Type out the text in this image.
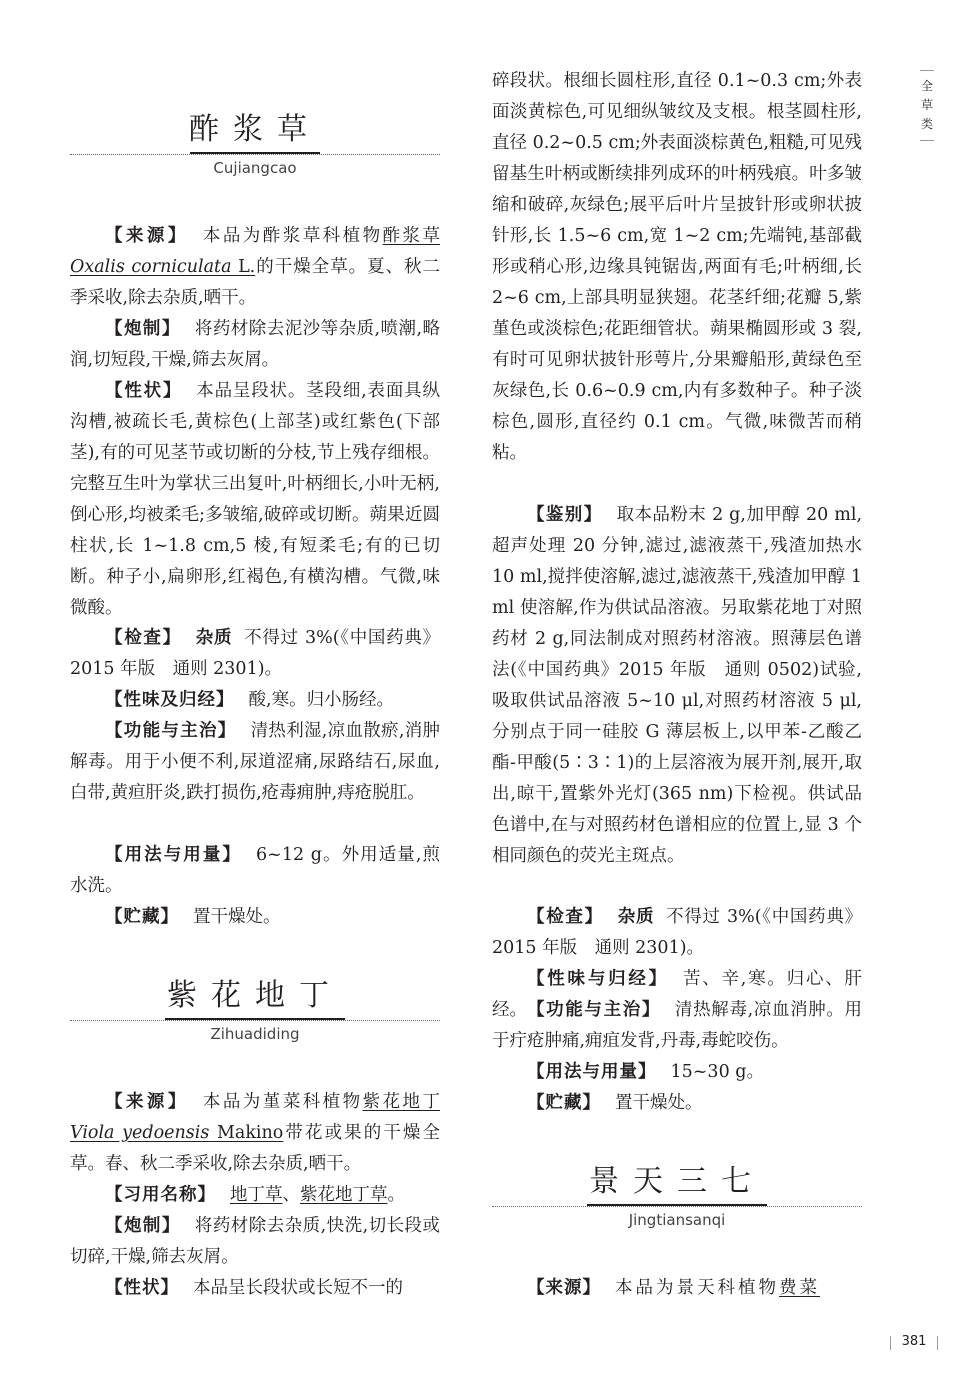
全
草
类
酢浆草
Cujiangcao
【来源】 本品为酢浆草科植物酢浆草 Oxalis corniculata L.的干燥全草。夏、秋二季采收,除去杂质,晒干。
【炮制】 将药材除去泥沙等杂质,喷潮,略润,切短段,干燥,筛去灰屑。
【性状】 本品呈段状。茎段细,表面具纵沟槽,被疏长毛,黄棕色(上部茎)或红紫色(下部茎),有的可见茎节或切断的分枝,节上残存细根。完整互生叶为掌状三出复叶,叶柄细长,小叶无柄,倒心形,均被柔毛;多皱缩,破碎或切断。蒴果近圆柱状,长 1~1.8 cm,5 棱,有短柔毛;有的已切断。种子小,扁卵形,红褐色,有横沟槽。气微,味微酸。
【检查】 杂质 不得过 3%(《中国药典》2015 年版　通则 2301)。
【性味及归经】 酸,寒。归小肠经。
【功能与主治】 清热利湿,凉血散瘀,消肿解毒。用于小便不利,尿道涩痛,尿路结石,尿血,白带,黄疸肝炎,跌打损伤,疮毒痈肿,痔疮脱肛。
【用法与用量】 6~12 g。外用适量,煎水洗。
【贮藏】 置干燥处。
紫花地丁
Zihuadiding
【来源】 本品为堇菜科植物紫花地丁 Viola yedoensis Makino带花或果的干燥全草。春、秋二季采收,除去杂质,晒干。
【习用名称】 地丁草、紫花地丁草。
【炮制】 将药材除去杂质,快洗,切长段或切碎,干燥,筛去灰屑。
【性状】 本品呈长段状或长短不一的
碎段状。根细长圆柱形,直径 0.1~0.3 cm;外表面淡黄棕色,可见细纵皱纹及支根。根茎圆柱形,直径 0.2~0.5 cm;外表面淡棕黄色,粗糙,可见残留基生叶柄或断续排列成环的叶柄残痕。叶多皱缩和破碎,灰绿色;展平后叶片呈披针形或卵状披针形,长 1.5~6 cm,宽 1~2 cm;先端钝,基部截形或稍心形,边缘具钝锯齿,两面有毛;叶柄细,长 2~6 cm,上部具明显狭翅。花茎纤细;花瓣 5,紫堇色或淡棕色;花距细管状。蒴果椭圆形或 3 裂,有时可见卵状披针形萼片,分果瓣船形,黄绿色至灰绿色,长 0.6~0.9 cm,内有多数种子。种子淡棕色,圆形,直径约 0.1 cm。气微,味微苦而稍粘。
【鉴别】 取本品粉末 2 g,加甲醇 20 ml,超声处理 20 分钟,滤过,滤液蒸干,残渣加热水 10 ml,搅拌使溶解,滤过,滤液蒸干,残渣加甲醇 1 ml 使溶解,作为供试品溶液。另取紫花地丁对照药材 2 g,同法制成对照药材溶液。照薄层色谱法(《中国药典》2015 年版　通则 0502)试验,吸取供试品溶液 5~10 μl,对照药材溶液 5 μl,分别点于同一硅胶 G 薄层板上,以甲苯-乙酸乙酯-甲酸(5∶3∶1)的上层溶液为展开剂,展开,取出,晾干,置紫外光灯(365 nm)下检视。供试品色谱中,在与对照药材色谱相应的位置上,显 3 个相同颜色的荧光主斑点。
【检查】 杂质 不得过 3%(《中国药典》2015 年版　通则 2301)。
【性味与归经】 苦、辛,寒。归心、肝经。 【功能与主治】 清热解毒,凉血消肿。用于疔疮肿痛,痈疽发背,丹毒,毒蛇咬伤。
【用法与用量】 15~30 g。
【贮藏】 置干燥处。
景天三七
Jingtiansanqi
【来源】 本品为景天科植物费菜
381
